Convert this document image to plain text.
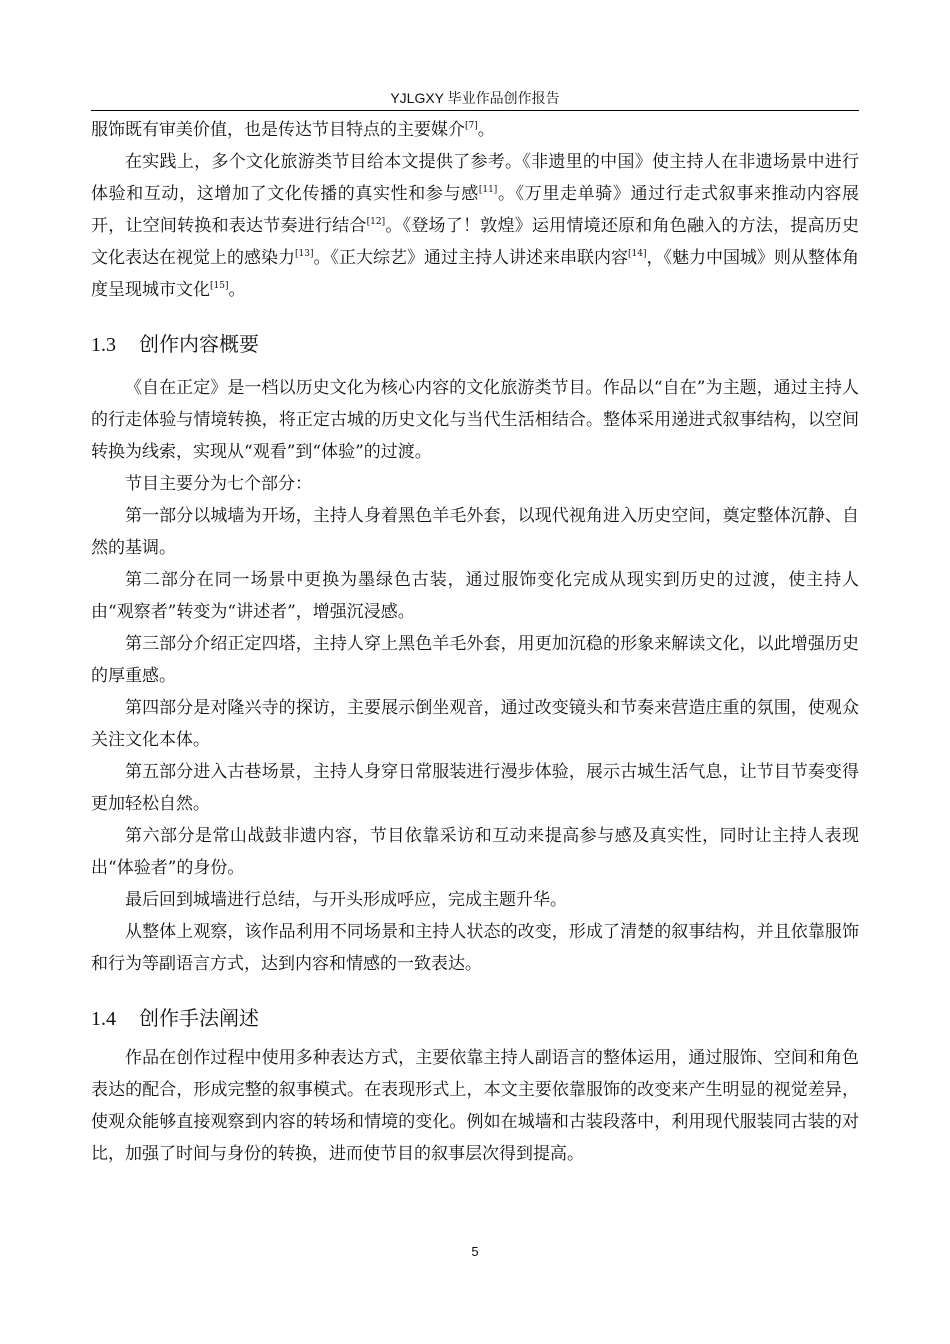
YJLGXY 毕业作品创作报告

服饰既有审美价值，也是传达节目特点的主要媒介[7]。

在实践上，多个文化旅游类节目给本文提供了参考。《非遗里的中国》使主持人在非遗场景中进行体验和互动，这增加了文化传播的真实性和参与感[11]。《万里走单骑》通过行走式叙事来推动内容展开，让空间转换和表达节奏进行结合[12]。《登场了！敦煌》运用情境还原和角色融入的方法，提高历史文化表达在视觉上的感染力[13]。《正大综艺》通过主持人讲述来串联内容[14]，《魅力中国城》则从整体角度呈现城市文化[15]。

1.3 创作内容概要

《自在正定》是一档以历史文化为核心内容的文化旅游类节目。作品以“自在”为主题，通过主持人的行走体验与情境转换，将正定古城的历史文化与当代生活相结合。整体采用递进式叙事结构，以空间转换为线索，实现从“观看”到“体验”的过渡。

节目主要分为七个部分：

第一部分以城墙为开场，主持人身着黑色羊毛外套，以现代视角进入历史空间，奠定整体沉静、自然的基调。

第二部分在同一场景中更换为墨绿色古装，通过服饰变化完成从现实到历史的过渡，使主持人由“观察者”转变为“讲述者”，增强沉浸感。

第三部分介绍正定四塔，主持人穿上黑色羊毛外套，用更加沉稳的形象来解读文化，以此增强历史的厚重感。

第四部分是对隆兴寺的探访，主要展示倒坐观音，通过改变镜头和节奏来营造庄重的氛围，使观众关注文化本体。

第五部分进入古巷场景，主持人身穿日常服装进行漫步体验，展示古城生活气息，让节目节奏变得更加轻松自然。

第六部分是常山战鼓非遗内容，节目依靠采访和互动来提高参与感及真实性，同时让主持人表现出“体验者”的身份。

最后回到城墙进行总结，与开头形成呼应，完成主题升华。

从整体上观察，该作品利用不同场景和主持人状态的改变，形成了清楚的叙事结构，并且依靠服饰和行为等副语言方式，达到内容和情感的一致表达。

1.4 创作手法阐述

作品在创作过程中使用多种表达方式，主要依靠主持人副语言的整体运用，通过服饰、空间和角色表达的配合，形成完整的叙事模式。在表现形式上，本文主要依靠服饰的改变来产生明显的视觉差异，使观众能够直接观察到内容的转场和情境的变化。例如在城墙和古装段落中，利用现代服装同古装的对比，加强了时间与身份的转换，进而使节目的叙事层次得到提高。

5
